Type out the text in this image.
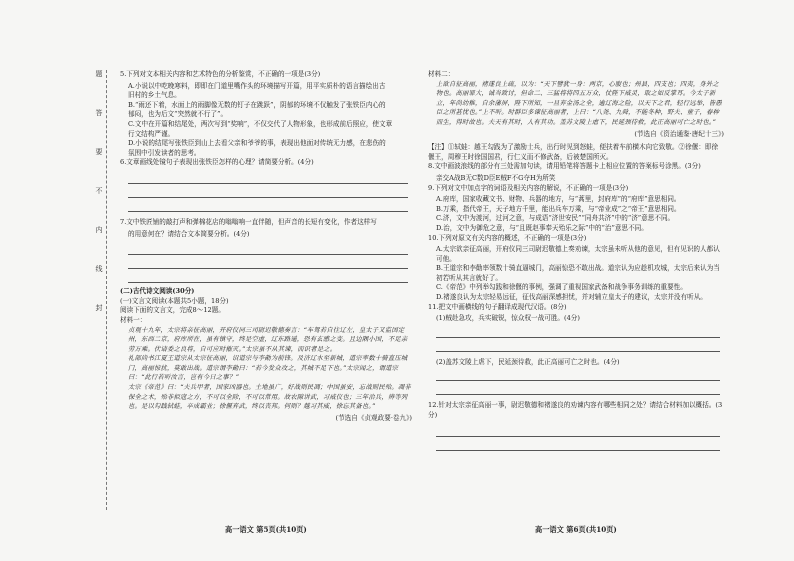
题
答
要
不
内
线
封
5.下列对文本相关内容和艺术特色的分析鉴赏，不正确的一项是(3分)
A.小说以中吃晚寒料，即即在门道里嘴作头的环境描写开篇，用平实质朴的语言描绘出古
旧村的乡土气息。
B.“雨还下着，水面上的雨脚像无数的钉子在跳跃”，阴郁的环境不仅触发了张铁臣内心的
郁闷，也为后文“突然就不行了”。
C.文中在开篇和结尾处，两次写到“奖响”，不仅交代了人物形象，也形成前后照应，使文章
行文结构严谨。
D.小说的结尾写张铁臣到山上去看父亲和爷爷的事，表现出他面对传统无力感，在悲伤的
氛围中引发读者的思考。
6.文章画线处镜句子表现出张铁臣怎样的心理？请简要分析。(4分)
7.文中铁匠铺的敲打声和弹棉花店的嗡嗡响一直伴随，但声音的长短有变化，作者这样写
的用意何在？请结合文本简要分析。(4分)
(二)古代诗文阅读(30分)
(一)文言文阅读(本题共5小题，18分)
阅读下面的文言文，完成8～12题。
材料一：
贞观十九年，太宗将亲征高丽，开府仪同三司尉迟敬德奏言：“车驾若自往辽左，皇太子又监国定州，东西二京，府库所在，虽有镇守，终是空虚，辽东路遥，恐有玄感之变。且边隅小国，不足亲劳万乘。伏请委之良将，自可应时摧灭。”太宗虽不从其谏，而识者是之。
礼部尚书江夏王道宗从太宗征高丽，诏道宗与李勣为前锋。及济辽水至新城，道宗率数十骑直压城门，高丽惊扰，莫敢出战。道宗谓李勣曰：“若今发众攻之，其城不足下也。”太宗闻之，谓道宗曰：“此行若听汝言，岂有今日之事？”
太宗《帝范》曰：“夫兵甲者，国家凶器也。土地虽广，好战则民凋；中国虽安，忘战则民殆。凋非保全之术，殆非拟寇之方，不可以全除，不可以常用。故农隙讲武，习威仪也；三年治兵，辨等列也。是以勾践轼蛙，卒成霸业；徐偃弃武，终以丧邦。何则？越习其威，徐忘其备也。”
(节选自《贞观政要·卷九》)
材料二：
上欲自征高丽，褚遂良上疏，以为：“天下譬犹一身：两京，心腹也；州县，四支也；四夷，身外之物也。高丽罪大，诚当致讨，但命二、三猛将将四五万众，仗陛下威灵，取之如反掌耳。今太子新立，年尚幼稚，自余藩屏，陛下所知，一旦弃金汤之全，逾辽海之险，以天下之君，轻行远举，皆愚臣之所甚忧也。”上不听。时群臣多谏征高丽者，上曰：“八尧、九舜，不能冬种，野夫、童子，春种而生，得时故也。夫天有其时，人有其功。盖苏文陵上虐下，民延颈待救，此正高丽可亡之时也。”
(节选自《资治通鉴·唐纪十三》)
【注】①轼蛙：越王勾践为了激励士兵，出行时见到怒蛙，便扶着车前横木向它致敬。②徐偃：即徐偃王，周穆王时徐国国君，行仁义而不修武备，后被楚国所灭。
8.文中画波浪线的部分有三处需加句读，请用铅笔将答题卡上相应位置的答案标号涂黑。(3分)
亲交A战B无C数D臣E贼F不G夺H为所笑
9.下列对文中加点字的词语及相关内容的解说，不正确的一项是(3分)
A.府库，国家收藏文书、财物、兵器的地方，与“蒿里，封府库”的“府库”意思相同。
B.万乘，指代帝王，天子地方千里，能出兵车万乘，与“帝业成”之“帝王”意思相同。
C.济，文中为渡河，过河之意，与成语“济世安民”“同舟共济”中的“济”意思不同。
D.治，文中为御危之意，与“且既赵事奉天殆乐之际”中的“治”意思不同。
10.下列对原文有关内容的概述，不正确的一项是(3分)
A.太宗欲亲征高丽，开府仪同三司尉迟敬德上奏劝谏，太宗虽未听从他的意见，但有见识的人都认可他。
B.王道宗和李勣率领数十骑直逼城门，高丽惊恐不敢出战。道宗认为应趁机攻城，太宗后来认为当初若听从其言就好了。
C.《帝范》中列举勾践和徐偃的事例，强调了重视国家武备和战争事务训练的重要性。
D.褚遂良认为太宗轻易远征，征伐高丽深感担忧，并对辅立皇太子的建议，太宗并没有听从。
11.把文中画横线的句子翻译成现代汉语。(8分)
(1)贼赴急攻，兵实破锐，惊众权一战可胜。(4分)
(2)盖苏文陵上虐下，民延颈待救，此正高丽可亡之时也。(4分)
12.针对太宗亲征高丽一事，尉迟敬德和褚遂良的劝谏内容有哪些相同之处？请结合材料加以概括。(3分)
高一语文 第5页(共10页)	高一语文 第6页(共10页)
